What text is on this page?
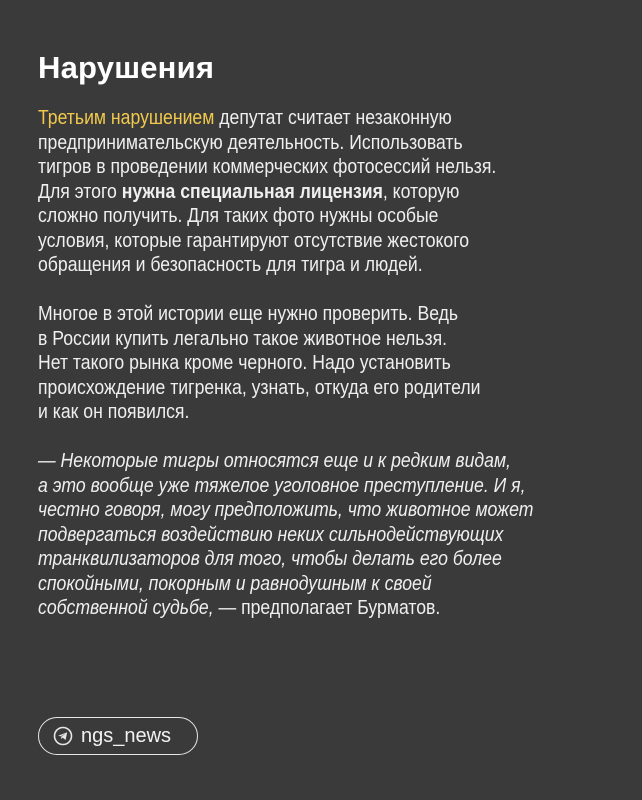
Нарушения

Третьим нарушением депутат считает незаконную
предпринимательскую деятельность. Использовать
тигров в проведении коммерческих фотосессий нельзя.
Для этого нужна специальная лицензия, которую
сложно получить. Для таких фото нужны особые
условия, которые гарантируют отсутствие жестокого
обращения и безопасность для тигра и людей.

Многое в этой истории еще нужно проверить. Ведь
в России купить легально такое животное нельзя.
Нет такого рынка кроме черного. Надо установить
происхождение тигренка, узнать, откуда его родители
и как он появился.

— Некоторые тигры относятся еще и к редким видам,
а это вообще уже тяжелое уголовное преступление. И я,
честно говоря, могу предположить, что животное может
подвергаться воздействию неких сильнодействующих
транквилизаторов для того, чтобы делать его более
спокойными, покорным и равнодушным к своей
собственной судьбе, — предполагает Бурматов.

ngs_news
